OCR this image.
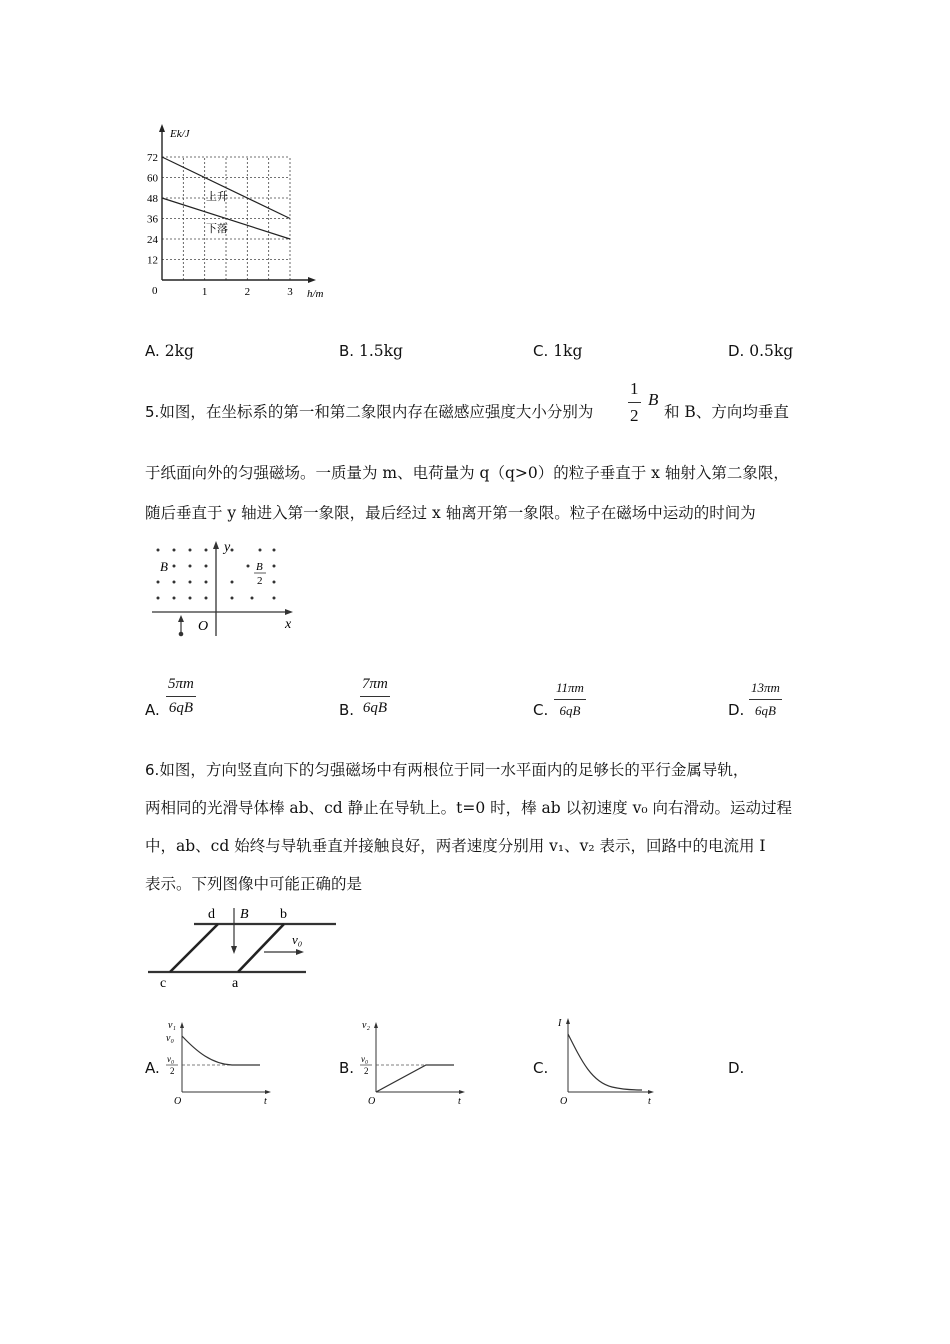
12
24
36
48
60
72
1	2	3
Ek/J
h/m
0
上升
下落
A. 2kg	B. 1.5kg	C. 1kg	D. 0.5kg
5.如图，在坐标系的第一和第二象限内存在磁感应强度大小分别为 $\frac{1}{2}$ B
和 B、方向均垂直
于纸面向外的匀强磁场。一质量为 m、电荷量为 q（q>0）的粒子垂直于 x 轴射入第二象限，
随后垂直于 y 轴进入第一象限，最后经过 x 轴离开第一象限。粒子在磁场中运动的时间为
y
x
O
B	B
2
A. $\frac{5\pi m}{6qB}$	B. $\frac{7\pi m}{6qB}$	C. $\frac{11\pi m}{6qB}$	D. $\frac{13\pi m}{6qB}$
6.如图，方向竖直向下的匀强磁场中有两根位于同一水平面内的足够长的平行金属导轨，
两相同的光滑导体棒 ab、cd 静止在导轨上。t=0 时，棒 ab 以初速度 v₀ 向右滑动。运动过程
中，ab、cd 始终与导轨垂直并接触良好，两者速度分别用 v₁、v₂ 表示，回路中的电流用 I
表示。下列图像中可能正确的是
d	b
c	a
B
v₀
A.
v₁
v₀
v₀
2
O	t
B.
v₂
v₀
2
O	t
C.
I
O	t
D.
